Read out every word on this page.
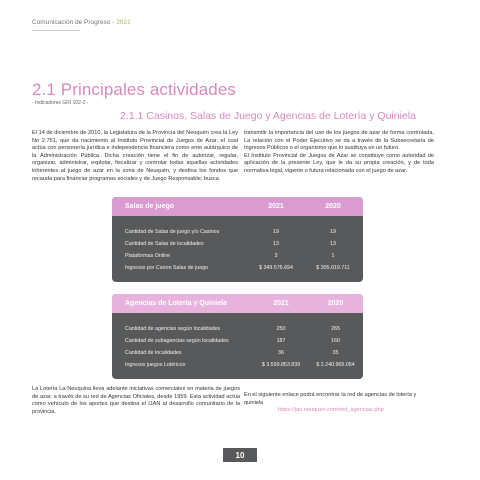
Comunicación de Progreso - 2021
2.1 Principales actividades
- Indicadores GRI 102-2 -
2.1.1 Casinos, Salas de Juego y Agencias de Lotería y Quiniela

El 14 de diciembre de 2010, la Legislatura de la Provincia del Neuquén crea la Ley No 2.751, que da nacimiento al Instituto Provincial de Juegos de Azar, el cual actúa con personería jurídica e independencia financiera como ente autárquico de la Administración Pública. Dicha creación tiene el fin de autorizar, regular, organizar, administrar, explotar, fiscalizar y controlar todas aquellas actividades inherentes al juego de azar en la zona de Neuquén, y destina los fondos que recauda para financiar programas sociales y de Juego Responsable; busca

transmitir la importancia del uso de los juegos de azar de forma controlada. La relación con el Poder Ejecutivo se da a través de la Subsecretaría de Ingresos Públicos o el organismo que lo sustituya en un futuro.

El Instituto Provincial de Juegos de Azar se constituye como autoridad de aplicación de la presente Ley, que le da su propia creación, y de toda normativa legal, vigente o futura relacionada con el juego de azar.

Salas de juego	2021	2020
Cantidad de Salas de juego y/o Casinos	19	19
Cantidad de Salas de localidades	13	13
Plataformas Online	3	1
Ingresos por Canon Salas de juego	$ 349.576.694	$ 305.019.711
Agencias de Lotería y Quiniela	2021	2020
Cantidad de agencias según localidades	250	265
Cantidad de subagencias según localidades	187	160
Cantidad de localidades	36	35
Ingresos juegos Lotéricos	$ 3.599.853.839	$ 2.240.965.054

La Lotería La Neuquina lleva adelante iniciativas comerciales en materia de juegos de azar, a través de su red de Agencias Oficiales, desde 1959. Esta actividad actúa como vehículo de los aportes que destina el IJAN al desarrollo comunitario de la provincia.

En el siguiente enlace podrá encontrar la red de agencias de lotería y quiniela

https://jan.neuquen.com/red_agencias.php

10
